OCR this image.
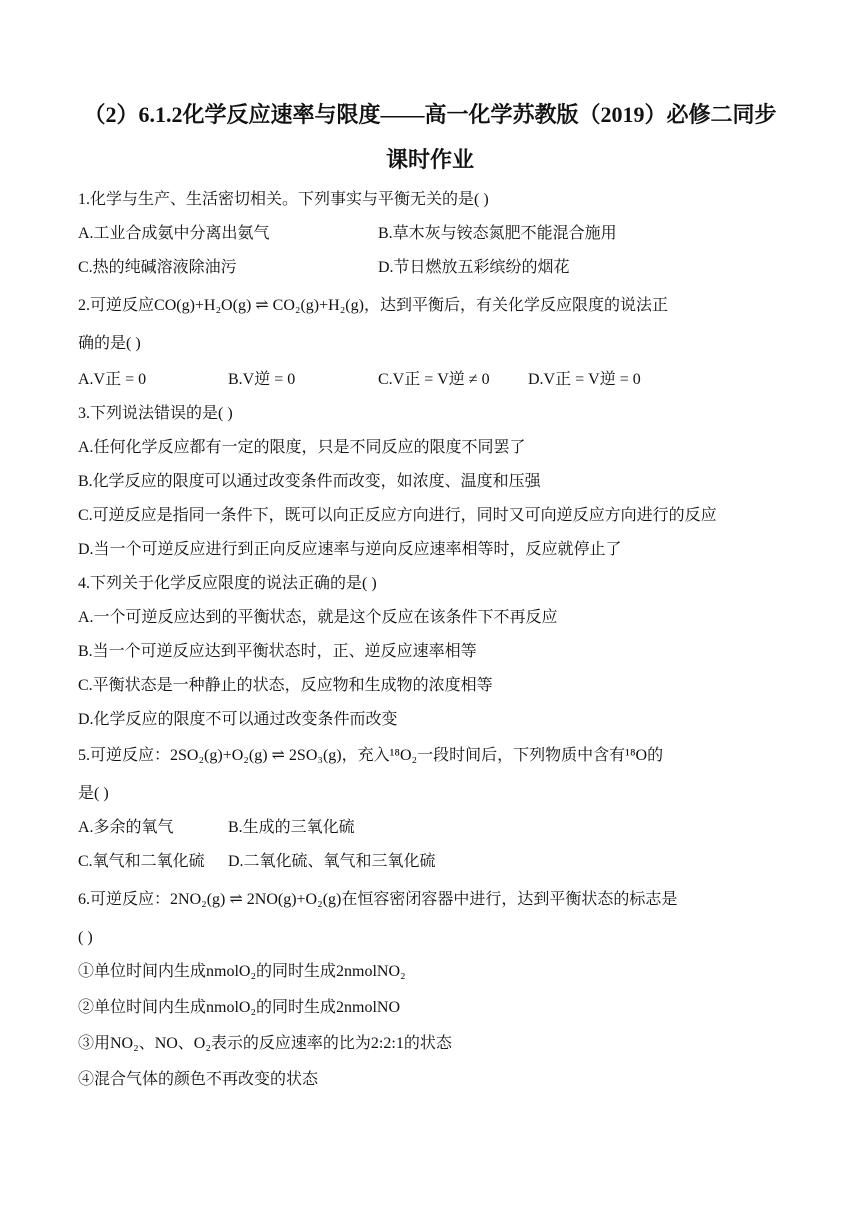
（2）6.1.2化学反应速率与限度——高一化学苏教版（2019）必修二同步
课时作业
1.化学与生产、生活密切相关。下列事实与平衡无关的是( )
A.工业合成氨中分离出氨气	B.草木灰与铵态氮肥不能混合施用
C.热的纯碱溶液除油污	D.节日燃放五彩缤纷的烟花
2.可逆反应CO(g)+H₂O(g) ⇌ CO₂(g)+H₂(g)，达到平衡后，有关化学反应限度的说法正
确的是( )
A.V正 = 0	B.V逆 = 0	C.V正 = V逆 ≠ 0 D.V正 = V逆 = 0
3.下列说法错误的是( )
A.任何化学反应都有一定的限度，只是不同反应的限度不同罢了
B.化学反应的限度可以通过改变条件而改变，如浓度、温度和压强
C.可逆反应是指同一条件下，既可以向正反应方向进行，同时又可向逆反应方向进行的反应
D.当一个可逆反应进行到正向反应速率与逆向反应速率相等时，反应就停止了
4.下列关于化学反应限度的说法正确的是( )
A.一个可逆反应达到的平衡状态，就是这个反应在该条件下不再反应
B.当一个可逆反应达到平衡状态时，正、逆反应速率相等
C.平衡状态是一种静止的状态，反应物和生成物的浓度相等
D.化学反应的限度不可以通过改变条件而改变
5.可逆反应：2SO₂(g)+O₂(g) ⇌ 2SO₃(g)，充入¹⁸O₂一段时间后，下列物质中含有¹⁸O的
是( )
A.多余的氧气	B.生成的三氧化硫
C.氧气和二氧化硫 D.二氧化硫、氧气和三氧化硫
6.可逆反应：2NO₂(g) ⇌ 2NO(g)+O₂(g)在恒容密闭容器中进行，达到平衡状态的标志是
( )
①单位时间内生成nmolO₂的同时生成2nmolNO₂
②单位时间内生成nmolO₂的同时生成2nmolNO
③用NO₂、NO、O₂表示的反应速率的比为2:2:1的状态
④混合气体的颜色不再改变的状态
